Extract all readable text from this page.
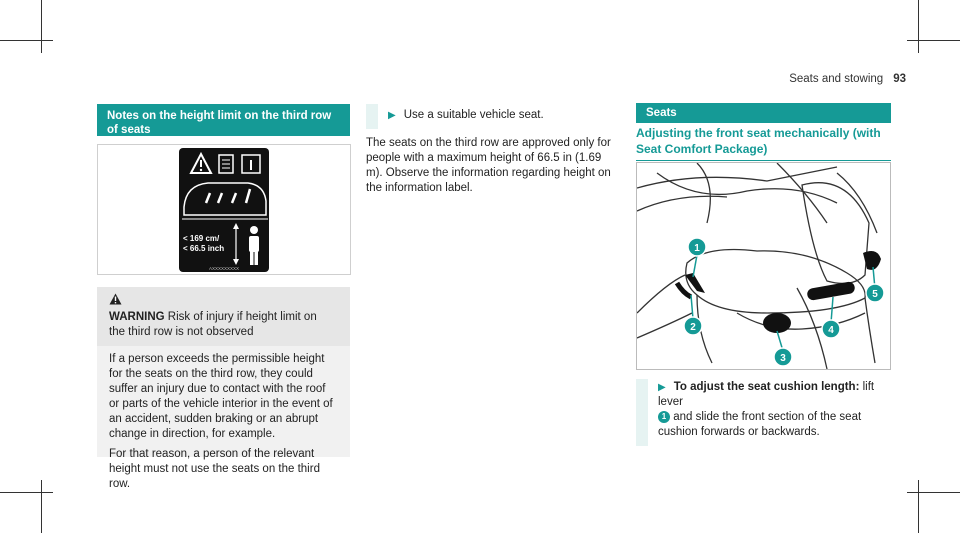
Seats and stowing 93
Notes on the height limit on the third row of seats
< 169 cm/
< 66.5 inch
AXXXXXXXXX
WARNING Risk of injury if height limit on the third row is not observed

If a person exceeds the permissible height for the seats on the third row, they could suffer an injury due to contact with the roof or parts of the vehicle interior in the event of an accident, sudden braking or an abrupt change in direction, for example.

For that reason, a person of the relevant height must not use the seats on the third row.

▶ Use a suitable vehicle seat.
The seats on the third row are approved only for people with a maximum height of 66.5 in (1.69 m). Observe the information regarding height on the information label.
Seats
Adjusting the front seat mechanically (with Seat Comfort Package)
1
2
3
4
5
▶ To adjust the seat cushion length: lift lever
1 and slide the front section of the seat cushion forwards or backwards.
